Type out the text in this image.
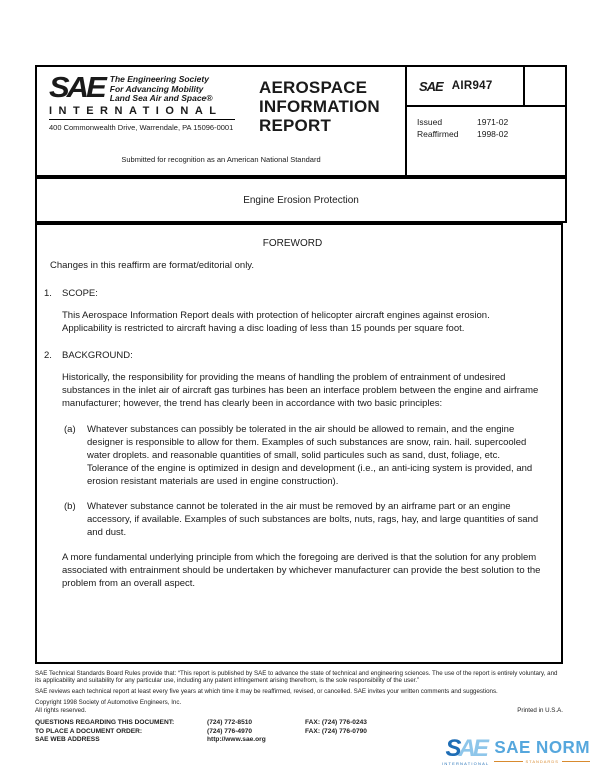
SAE The Engineering Society
For Advancing Mobility
Land Sea Air and Space®
INTERNATIONAL
400 Commonwealth Drive, Warrendale, PA 15096-0001
AEROSPACE
INFORMATION
REPORT
Submitted for recognition as an American National Standard
SAE AIR947
Issued	1971-02
Reaffirmed	1998-02
Engine Erosion Protection
FOREWORD
Changes in this reaffirm are format/editorial only.
1.	SCOPE:
This Aerospace Information Report deals with protection of helicopter aircraft engines against erosion. Applicability is restricted to aircraft having a disc loading of less than 15 pounds per square foot.
2.	BACKGROUND:
Historically, the responsibility for providing the means of handling the problem of entrainment of undesired substances in the inlet air of aircraft gas turbines has been an interface problem between the engine and airframe manufacturer; however, the trend has clearly been in accordance with two basic principles:
(a)	Whatever substances can possibly be tolerated in the air should be allowed to remain, and the engine designer is responsible to allow for them. Examples of such substances are snow, rain. hail. supercooled water droplets. and reasonable quantities of small, solid particules such as sand, dust, foliage, etc. Tolerance of the engine is optimized in design and development (i.e., an anti-icing system is provided, and erosion resistant materials are used in engine construction).
(b)	Whatever substance cannot be tolerated in the air must be removed by an airframe part or an engine accessory, if available. Examples of such substances are bolts, nuts, rags, hay, and large quantities of sand and dust.
A more fundamental underlying principle from which the foregoing are derived is that the solution for any problem associated with entrainment should be undertaken by whichever manufacturer can provide the best solution to the problem from an overall aspect.
SAE Technical Standards Board Rules provide that: “This report is published by SAE to advance the state of technical and engineering sciences. The use of the report is entirely voluntary, and its applicability and suitability for any particular use, including any patent infringement arising therefrom, is the sole responsibility of the user.”
SAE reviews each technical report at least every five years at which time it may be reaffirmed, revised, or cancelled. SAE invites your written comments and suggestions.
Copyright 1998 Society of Automotive Engineers, Inc.
All rights reserved.	Printed in U.S.A.
QUESTIONS REGARDING THIS DOCUMENT:	(724) 772-8510	FAX: (724) 776-0243
TO PLACE A DOCUMENT ORDER:	(724) 776-4970	FAX: (724) 776-0790
SAE WEB ADDRESS	http://www.sae.org	SAE
INTERNATIONAL
SAE NORM
STANDARDS
